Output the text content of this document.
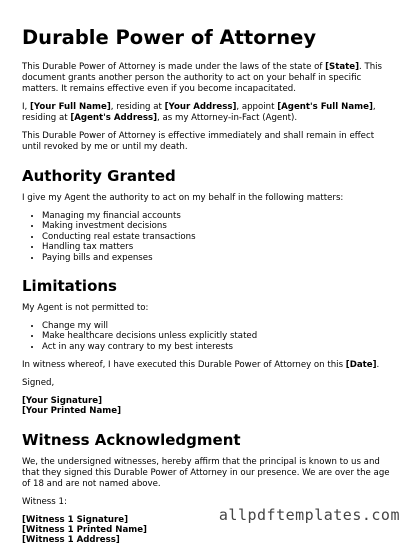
Durable Power of Attorney

This Durable Power of Attorney is made under the laws of the state of [State]. This document grants another person the authority to act on your behalf in specific matters. It remains effective even if you become incapacitated.

I, [Your Full Name], residing at [Your Address], appoint [Agent's Full Name], residing at [Agent's Address], as my Attorney-in-Fact (Agent).

This Durable Power of Attorney is effective immediately and shall remain in effect until revoked by me or until my death.

Authority Granted

I give my Agent the authority to act on my behalf in the following matters:

• Managing my financial accounts
• Making investment decisions
• Conducting real estate transactions
• Handling tax matters
• Paying bills and expenses
Limitations

My Agent is not permitted to:

• Change my will
• Make healthcare decisions unless explicitly stated
• Act in any way contrary to my best interests

In witness whereof, I have executed this Durable Power of Attorney on this [Date].

Signed,

[Your Signature]
[Your Printed Name]
Witness Acknowledgment

We, the undersigned witnesses, hereby affirm that the principal is known to us and that they signed this Durable Power of Attorney in our presence. We are over the age of 18 and are not named above.

Witness 1:

[Witness 1 Signature]
[Witness 1 Printed Name]
[Witness 1 Address]
allpdftemplates.com
